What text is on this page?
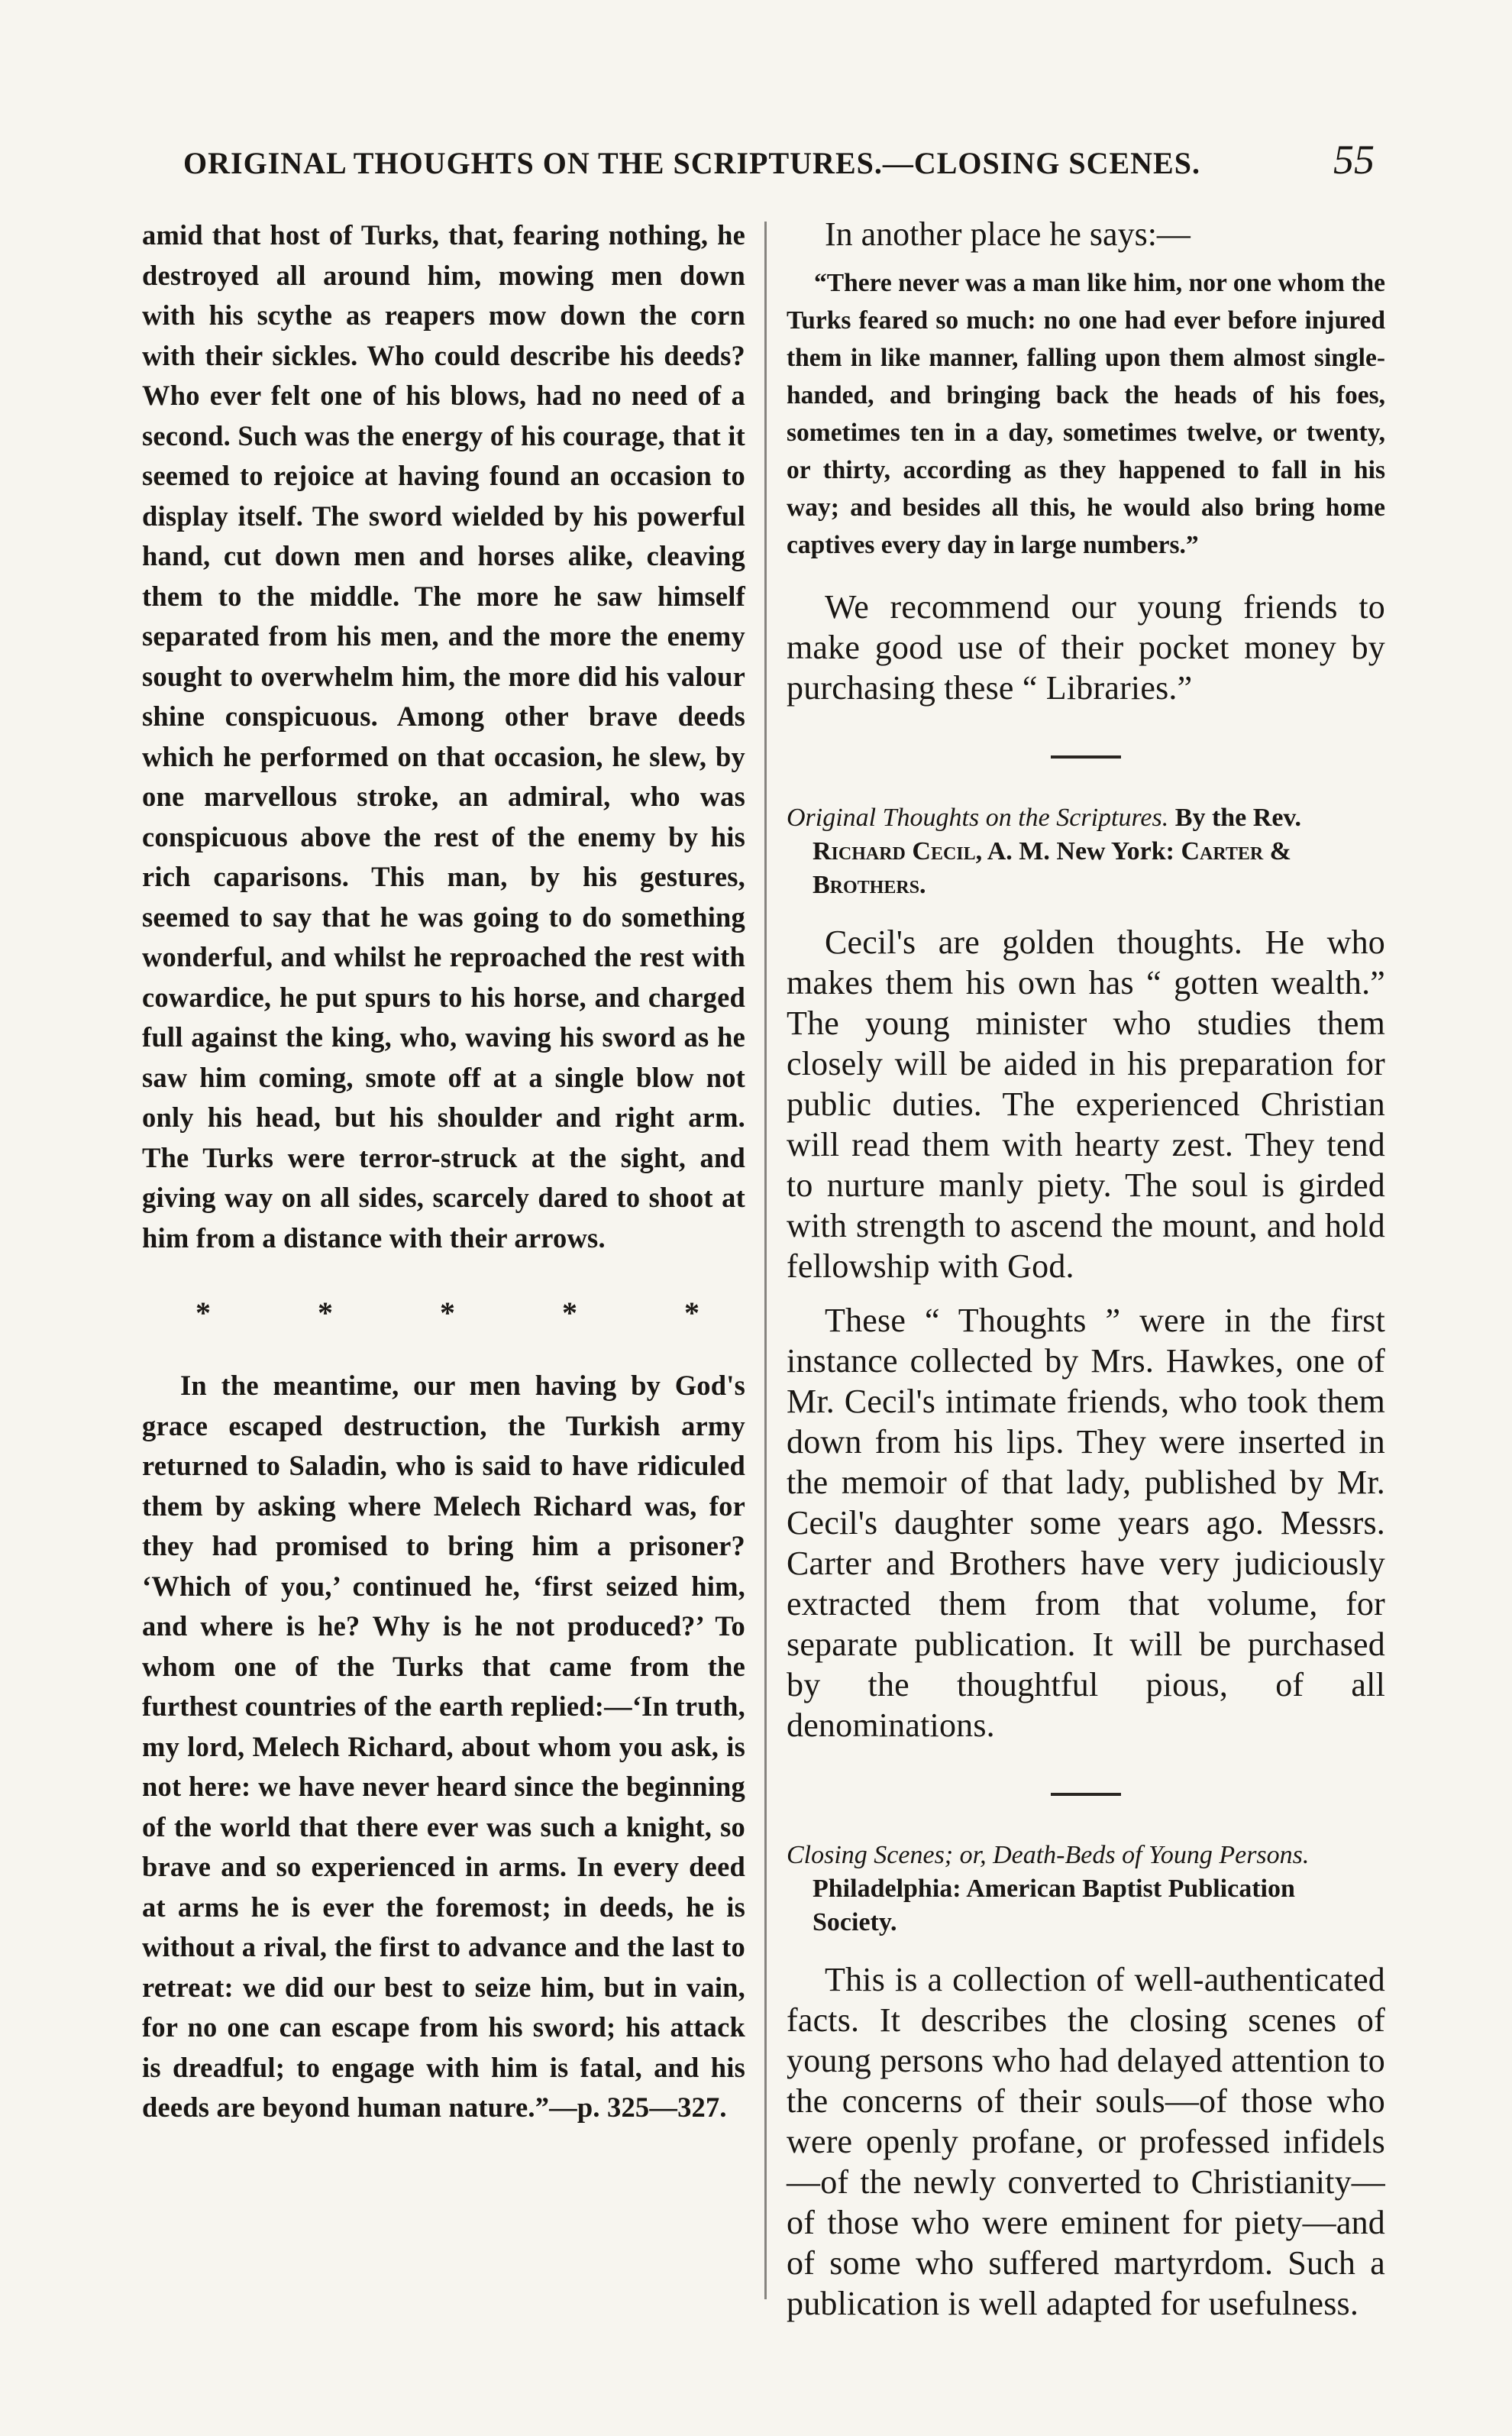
ORIGINAL THOUGHTS ON THE SCRIPTURES.—CLOSING SCENES.	55

amid that host of Turks, that, fearing nothing, he destroyed all around him, mowing men down with his scythe as reapers mow down the corn with their sickles. Who could describe his deeds? Who ever felt one of his blows, had no need of a second. Such was the energy of his courage, that it seemed to rejoice at having found an occasion to display itself. The sword wielded by his powerful hand, cut down men and horses alike, cleaving them to the middle. The more he saw himself separated from his men, and the more the enemy sought to overwhelm him, the more did his valour shine conspicuous. Among other brave deeds which he performed on that occasion, he slew, by one marvellous stroke, an admiral, who was conspicuous above the rest of the enemy by his rich caparisons. This man, by his gestures, seemed to say that he was going to do something wonderful, and whilst he reproached the rest with cowardice, he put spurs to his horse, and charged full against the king, who, waving his sword as he saw him coming, smote off at a single blow not only his head, but his shoulder and right arm. The Turks were terror-struck at the sight, and giving way on all sides, scarcely dared to shoot at him from a distance with their arrows.

*	*	*	*	*

In the meantime, our men having by God's grace escaped destruction, the Turkish army returned to Saladin, who is said to have ridiculed them by asking where Melech Richard was, for they had promised to bring him a prisoner? ‘Which of you,’ continued he, ‘first seized him, and where is he? Why is he not produced?’ To whom one of the Turks that came from the furthest countries of the earth replied:—‘In truth, my lord, Melech Richard, about whom you ask, is not here: we have never heard since the beginning of the world that there ever was such a knight, so brave and so experienced in arms. In every deed at arms he is ever the foremost; in deeds, he is without a rival, the first to advance and the last to retreat: we did our best to seize him, but in vain, for no one can escape from his sword; his attack is dreadful; to engage with him is fatal, and his deeds are beyond human nature.”—p. 325—327.

In another place he says:—

“There never was a man like him, nor one whom the Turks feared so much: no one had ever before injured them in like manner, falling upon them almost single-handed, and bringing back the heads of his foes, sometimes ten in a day, sometimes twelve, or twenty, or thirty, according as they happened to fall in his way; and besides all this, he would also bring home captives every day in large numbers.”

We recommend our young friends to make good use of their pocket money by purchasing these “ Libraries.”

Original Thoughts on the Scriptures. By the Rev. Richard Cecil, A. M. New York: Carter & Brothers.

Cecil's are golden thoughts. He who makes them his own has “ gotten wealth.” The young minister who studies them closely will be aided in his preparation for public duties. The experienced Christian will read them with hearty zest. They tend to nurture manly piety. The soul is girded with strength to ascend the mount, and hold fellowship with God.

These “ Thoughts ” were in the first instance collected by Mrs. Hawkes, one of Mr. Cecil's intimate friends, who took them down from his lips. They were inserted in the memoir of that lady, published by Mr. Cecil's daughter some years ago. Messrs. Carter and Brothers have very judiciously extracted them from that volume, for separate publication. It will be purchased by the thoughtful pious, of all denominations.

Closing Scenes; or, Death-Beds of Young Persons. Philadelphia: American Baptist Publication Society.

This is a collection of well-authenticated facts. It describes the closing scenes of young persons who had delayed attention to the concerns of their souls—of those who were openly profane, or professed infidels—of the newly converted to Christianity—of those who were eminent for piety—and of some who suffered martyrdom. Such a publication is well adapted for usefulness.
